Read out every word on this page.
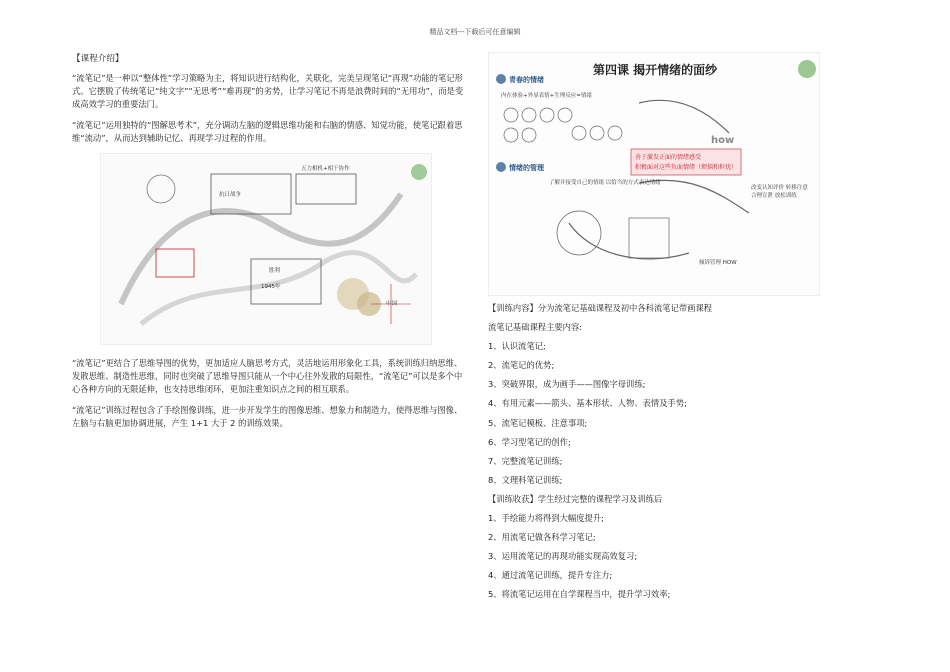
精品文档---下载后可任意编辑
【课程介绍】

“流笔记”是一种以“整体性”学习策略为主，将知识进行结构化，关联化，完美呈现笔记“再现”功能的笔记形式。它摆脱了传统笔记“纯文字”“无思考”“难再现”的劣势，让学习笔记不再是浪费时间的“无用功”，而是变成高效学习的重要法门。

“流笔记”运用独特的“图解思考术”，充分调动左脑的逻辑思维功能和右脑的情感、知觉功能，使笔记跟着思维“流动”，从而达到辅助记忆、再现学习过程的作用。

五力相机+相干协作
抗日战争
中国
胜利
1945年

“流笔记”更结合了思维导图的优势，更加适应人脑思考方式，灵活地运用形象化工具，系统训练归纳思维、发散思维、制造性思维，同时也突破了思维导图只能从一个中心往外发散的局限性，“流笔记”可以是多个中心各种方向的无限延伸，也支持思维闭环，更加注重知识点之间的相互联系。

“流笔记”训练过程包含了手绘图像训练，进一步开发学生的图像思维、想象力和制造力，使得思维与图像、左脑与右脑更加协调进展，产生 1+1 大于 2 的训练效果。

第四课 揭开情绪的面纱
青春的情绪
内在体验+外显表情+生理反应=情绪
情绪的管理
了解并接受自己的情绪 以恰当的方式表达情绪
善于激发正面的情绪感受
积极面对这些负面情绪（烦恼和担忧）
how
改变认知评价 转移注意 合理宣泄 放松训练
倾诉管理 HOW
【训练内容】分为流笔记基础课程及初中各科流笔记带画课程
流笔记基础课程主要内容:
1、认识流笔记;
2、流笔记的优势;
3、突破界限，成为画手——图像字母训练;
4、有用元素——箭头、基本形状、人物、表情及手势;
5、流笔记模板、注意事项;
6、学习型笔记的创作;
7、完整流笔记训练;
8、文理科笔记训练;
【训练收获】学生经过完整的课程学习及训练后
1、手绘能力将得到大幅度提升;
2、用流笔记做各科学习笔记;
3、运用流笔记的再现功能实现高效复习;
4、通过流笔记训练，提升专注力;
5、将流笔记运用在自学课程当中，提升学习效率;
